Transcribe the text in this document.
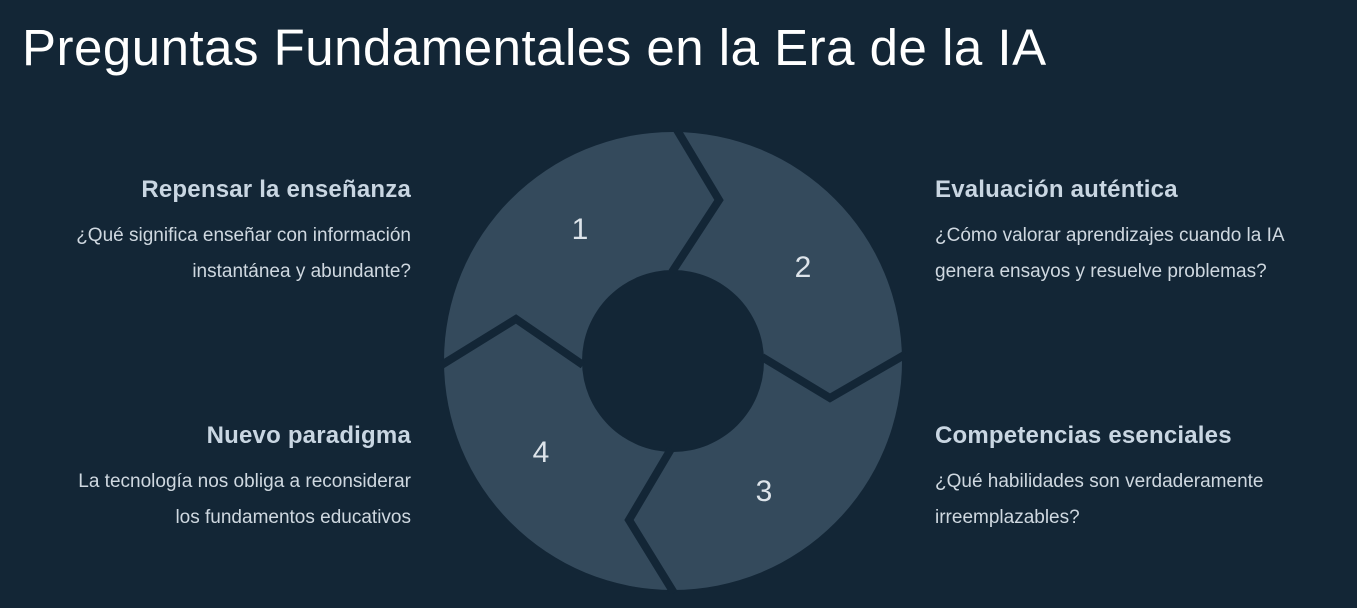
Preguntas Fundamentales en la Era de la IA
Repensar la enseñanza

¿Qué significa enseñar con información
instantánea y abundante?

Evaluación auténtica

¿Cómo valorar aprendizajes cuando la IA
genera ensayos y resuelve problemas?

Competencias esenciales

¿Qué habilidades son verdaderamente
irreemplazables?

Nuevo paradigma

La tecnología nos obliga a reconsiderar
los fundamentos educativos

1
2
3
4
